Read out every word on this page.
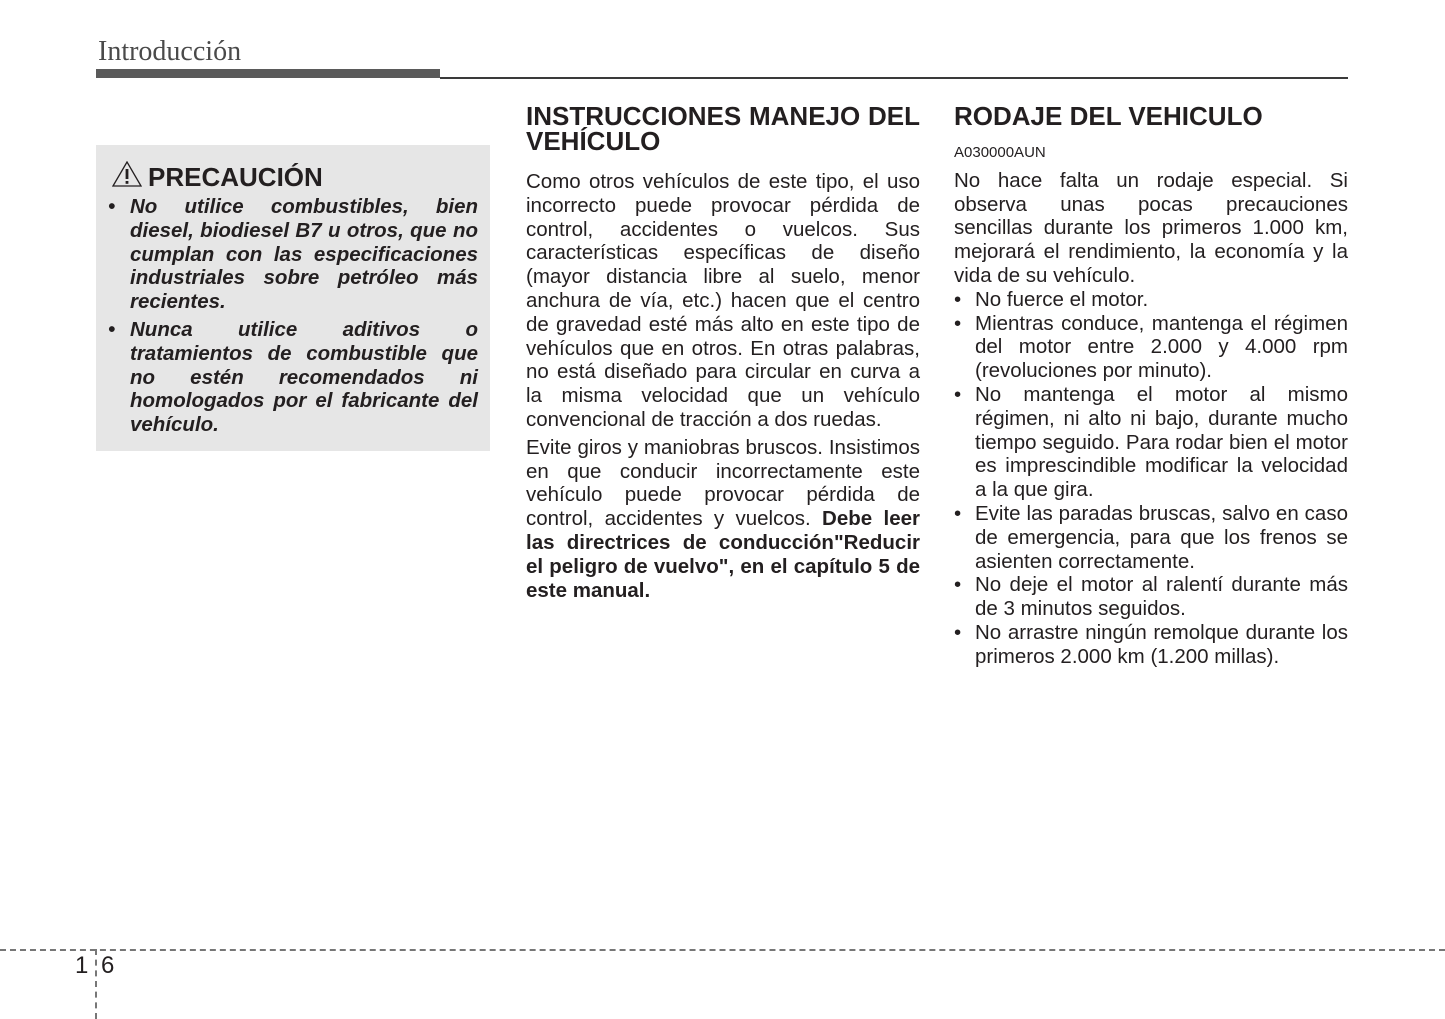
Introducción
PRECAUCIÓN
• No utilice combustibles, bien diesel, biodiesel B7 u otros, que no cumplan con las especificaciones industriales sobre petróleo más recientes.
• Nunca utilice aditivos o tratamientos de combustible que no estén recomendados ni homologados por el fabricante del vehículo.
INSTRUCCIONES MANEJO DEL VEHÍCULO

Como otros vehículos de este tipo, el uso incorrecto puede provocar pérdida de control, accidentes o vuelcos. Sus características específicas de diseño (mayor distancia libre al suelo, menor anchura de vía, etc.) hacen que el centro de gravedad esté más alto en este tipo de vehículos que en otros. En otras palabras, no está diseñado para circular en curva a la misma velocidad que un vehículo convencional de tracción a dos ruedas.

Evite giros y maniobras bruscos. Insistimos en que conducir incorrectamente este vehículo puede provocar pérdida de control, accidentes y vuelcos. Debe leer las directrices de conducción"Reducir el peligro de vuelvo", en el capítulo 5 de este manual.

RODAJE DEL VEHICULO
A030000AUN

No hace falta un rodaje especial. Si observa unas pocas precauciones sencillas durante los primeros 1.000 km, mejorará el rendimiento, la economía y la vida de su vehículo.

• No fuerce el motor.
• Mientras conduce, mantenga el régimen del motor entre 2.000 y 4.000 rpm (revoluciones por minuto).
• No mantenga el motor al mismo régimen, ni alto ni bajo, durante mucho tiempo seguido. Para rodar bien el motor es imprescindible modificar la velocidad a la que gira.
• Evite las paradas bruscas, salvo en caso de emergencia, para que los frenos se asienten correctamente.
• No deje el motor al ralentí durante más de 3 minutos seguidos.
• No arrastre ningún remolque durante los primeros 2.000 km (1.200 millas).
1 6
